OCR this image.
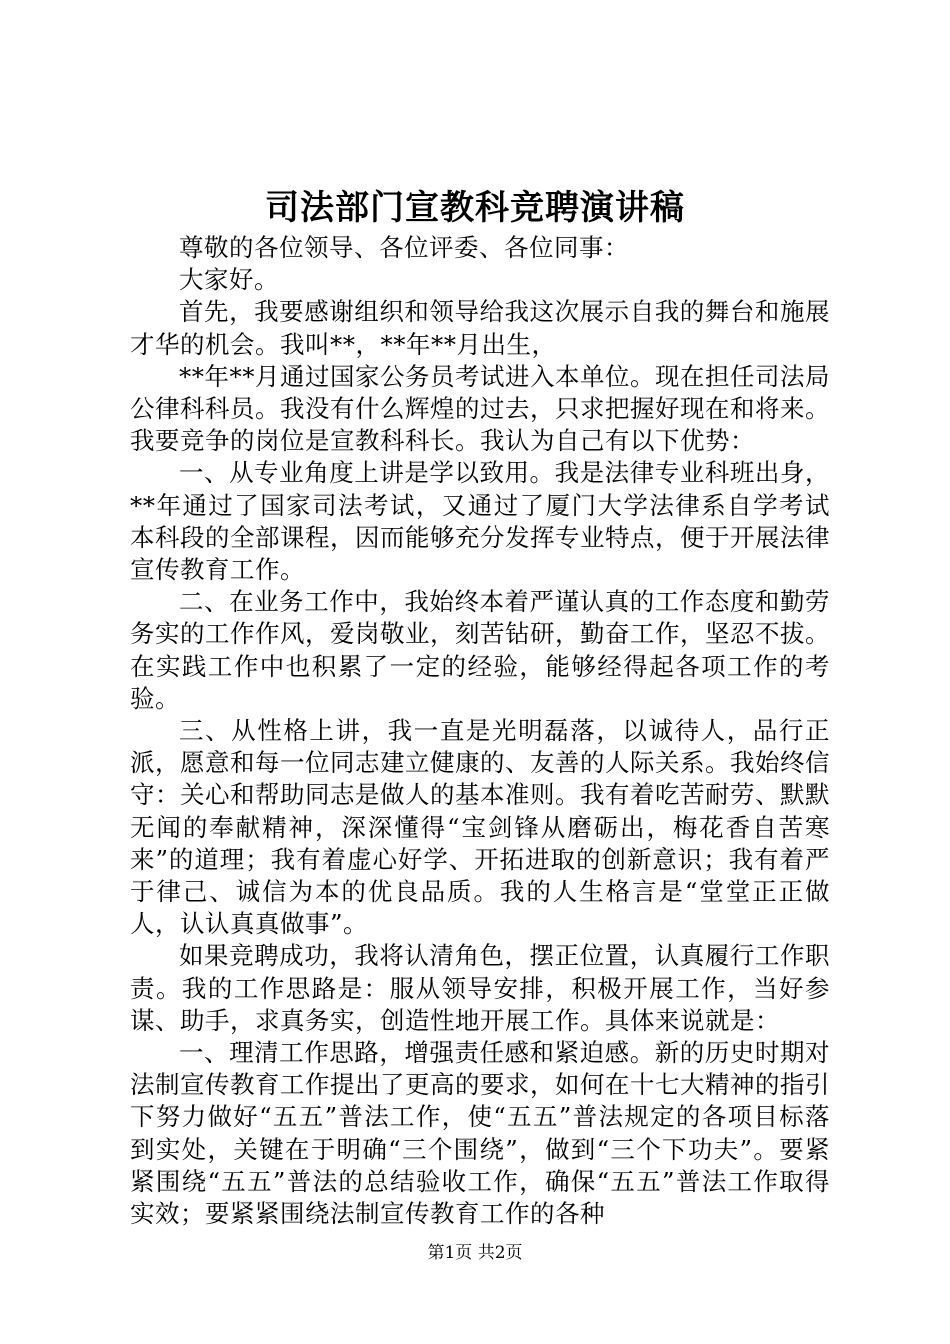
司法部门宣教科竞聘演讲稿

尊敬的各位领导、各位评委、各位同事：

大家好。

首先，我要感谢组织和领导给我这次展示自我的舞台和施展才华的机会。我叫**，**年**月出生，

**年**月通过国家公务员考试进入本单位。现在担任司法局公律科科员。我没有什么辉煌的过去，只求把握好现在和将来。我要竞争的岗位是宣教科科长。我认为自己有以下优势：

一、从专业角度上讲是学以致用。我是法律专业科班出身，**年通过了国家司法考试，又通过了厦门大学法律系自学考试本科段的全部课程，因而能够充分发挥专业特点，便于开展法律宣传教育工作。

二、在业务工作中，我始终本着严谨认真的工作态度和勤劳务实的工作作风，爱岗敬业，刻苦钻研，勤奋工作，坚忍不拔。在实践工作中也积累了一定的经验，能够经得起各项工作的考验。

三、从性格上讲，我一直是光明磊落，以诚待人，品行正派，愿意和每一位同志建立健康的、友善的人际关系。我始终信守：关心和帮助同志是做人的基本准则。我有着吃苦耐劳、默默无闻的奉献精神，深深懂得“宝剑锋从磨砺出，梅花香自苦寒来”的道理；我有着虚心好学、开拓进取的创新意识；我有着严于律己、诚信为本的优良品质。我的人生格言是“堂堂正正做人，认认真真做事”。

如果竞聘成功，我将认清角色，摆正位置，认真履行工作职责。我的工作思路是：服从领导安排，积极开展工作，当好参谋、助手，求真务实，创造性地开展工作。具体来说就是：

一、理清工作思路，增强责任感和紧迫感。新的历史时期对法制宣传教育工作提出了更高的要求，如何在十七大精神的指引下努力做好“五五”普法工作，使“五五”普法规定的各项目标落到实处，关键在于明确“三个围绕”，做到“三个下功夫”。要紧紧围绕“五五”普法的总结验收工作，确保“五五”普法工作取得实效；要紧紧围绕法制宣传教育工作的各种

第1页 共2页
